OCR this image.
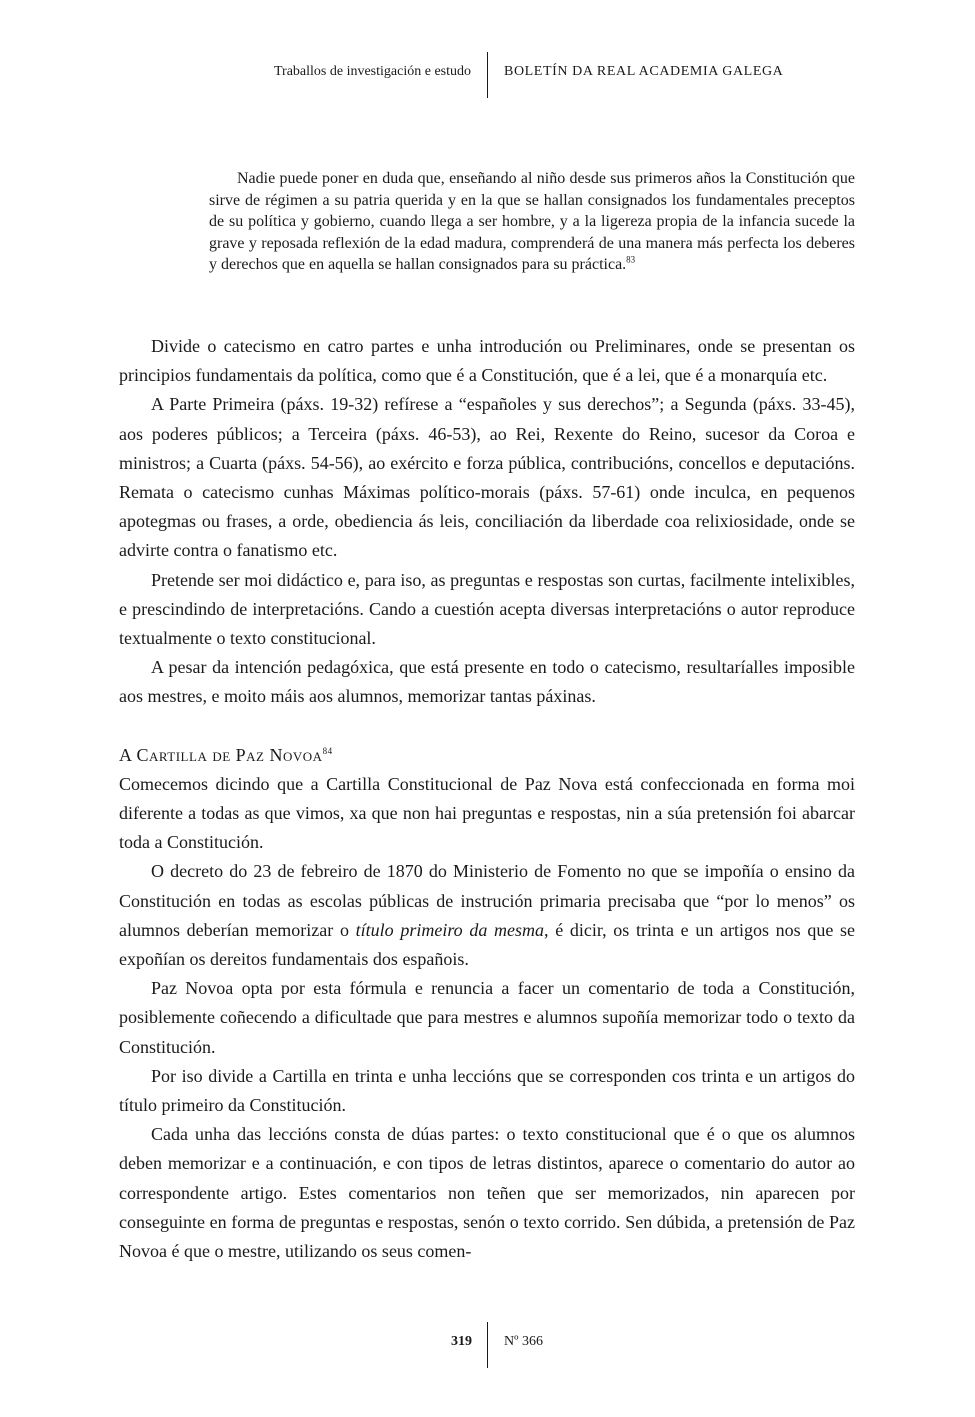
Traballos de investigación e estudo BOLETÍN DA REAL ACADEMIA GALEGA

Nadie puede poner en duda que, enseñando al niño desde sus primeros años la Constitución que sirve de régimen a su patria querida y en la que se hallan consignados los fundamentales preceptos de su política y gobierno, cuando llega a ser hombre, y a la ligereza propia de la infancia sucede la grave y reposada reflexión de la edad madura, comprenderá de una manera más perfecta los deberes y derechos que en aquella se hallan consignados para su práctica.$^{83}$

Divide o catecismo en catro partes e unha introdución ou Preliminares, onde se presentan os principios fundamentais da política, como que é a Constitución, que é a lei, que é a monarquía etc.

A Parte Primeira (páxs. 19-32) refírese a “españoles y sus derechos”; a Segunda (páxs. 33-45), aos poderes públicos; a Terceira (páxs. 46-53), ao Rei, Rexente do Reino, sucesor da Coroa e ministros; a Cuarta (páxs. 54-56), ao exército e forza pública, contribucións, concellos e deputacións. Remata o catecismo cunhas Máximas político-morais (páxs. 57-61) onde inculca, en pequenos apotegmas ou frases, a orde, obediencia ás leis, conciliación da liberdade coa relixiosidade, onde se advirte contra o fanatismo etc.

Pretende ser moi didáctico e, para iso, as preguntas e respostas son curtas, facilmente intelixibles, e prescindindo de interpretacións. Cando a cuestión acepta diversas interpretacións o autor reproduce textualmente o texto constitucional.

A pesar da intención pedagóxica, que está presente en todo o catecismo, resultaríalles imposible aos mestres, e moito máis aos alumnos, memorizar tantas páxinas.

A Cartilla de Paz Novoa$^{84}$

Comecemos dicindo que a Cartilla Constitucional de Paz Nova está confeccionada en forma moi diferente a todas as que vimos, xa que non hai preguntas e respostas, nin a súa pretensión foi abarcar toda a Constitución.

O decreto do 23 de febreiro de 1870 do Ministerio de Fomento no que se impoñía o ensino da Constitución en todas as escolas públicas de instrución primaria precisaba que “por lo menos” os alumnos deberían memorizar o título primeiro da mesma, é dicir, os trinta e un artigos nos que se expoñían os dereitos fundamentais dos españois.

Paz Novoa opta por esta fórmula e renuncia a facer un comentario de toda a Constitución, posiblemente coñecendo a dificultade que para mestres e alumnos supoñía memorizar todo o texto da Constitución.

Por iso divide a Cartilla en trinta e unha leccións que se corresponden cos trinta e un artigos do título primeiro da Constitución.

Cada unha das leccións consta de dúas partes: o texto constitucional que é o que os alumnos deben memorizar e a continuación, e con tipos de letras distintos, aparece o comentario do autor ao correspondente artigo. Estes comentarios non teñen que ser memorizados, nin aparecen por conseguinte en forma de preguntas e respostas, senón o texto corrido. Sen dúbida, a pretensión de Paz Novoa é que o mestre, utilizando os seus comen-

319 Nº 366
